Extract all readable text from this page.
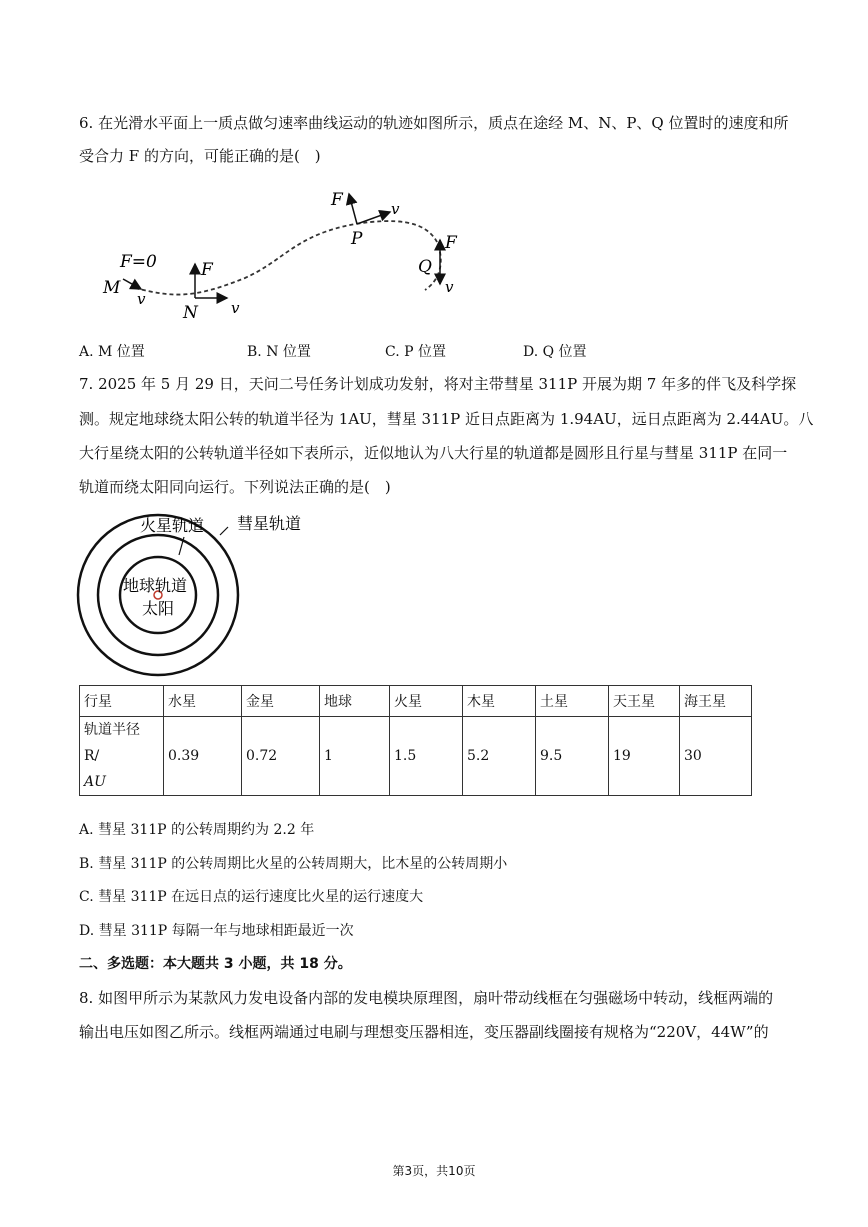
6. 在光滑水平面上一质点做匀速率曲线运动的轨迹如图所示，质点在途经 M、N、P、Q 位置时的速度和所
受合力 F 的方向，可能正确的是(　)
F=0
M
v
F
N v
F	v
P	F
Q
v
A. M 位置	B. N 位置	C. P 位置	D. Q 位置
7. 2025 年 5 月 29 日，天问二号任务计划成功发射，将对主带彗星 311P 开展为期 7 年多的伴飞及科学探
测。规定地球绕太阳公转的轨道半径为 1AU，彗星 311P 近日点距离为 1.94AU，远日点距离为 2.44AU。八
大行星绕太阳的公转轨道半径如下表所示，近似地认为八大行星的轨道都是圆形且行星与彗星 311P 在同一
轨道而绕太阳同向运行。下列说法正确的是(　)
火星轨道 彗星轨道
地球轨道
太阳
行星	水星	金星	地球	火星	木星	土星	天王星	海王星

轨道半径 R/
AU	0.39	0.72	1	1.5	5.2	9.5	19	30
A. 彗星 311P 的公转周期约为 2.2 年
B. 彗星 311P 的公转周期比火星的公转周期大，比木星的公转周期小
C. 彗星 311P 在远日点的运行速度比火星的运行速度大
D. 彗星 311P 每隔一年与地球相距最近一次
二、多选题：本大题共 3 小题，共 18 分。
8. 如图甲所示为某款风力发电设备内部的发电模块原理图，扇叶带动线框在匀强磁场中转动，线框两端的
输出电压如图乙所示。线框两端通过电刷与理想变压器相连，变压器副线圈接有规格为“220V，44W”的
第3页，共10页
